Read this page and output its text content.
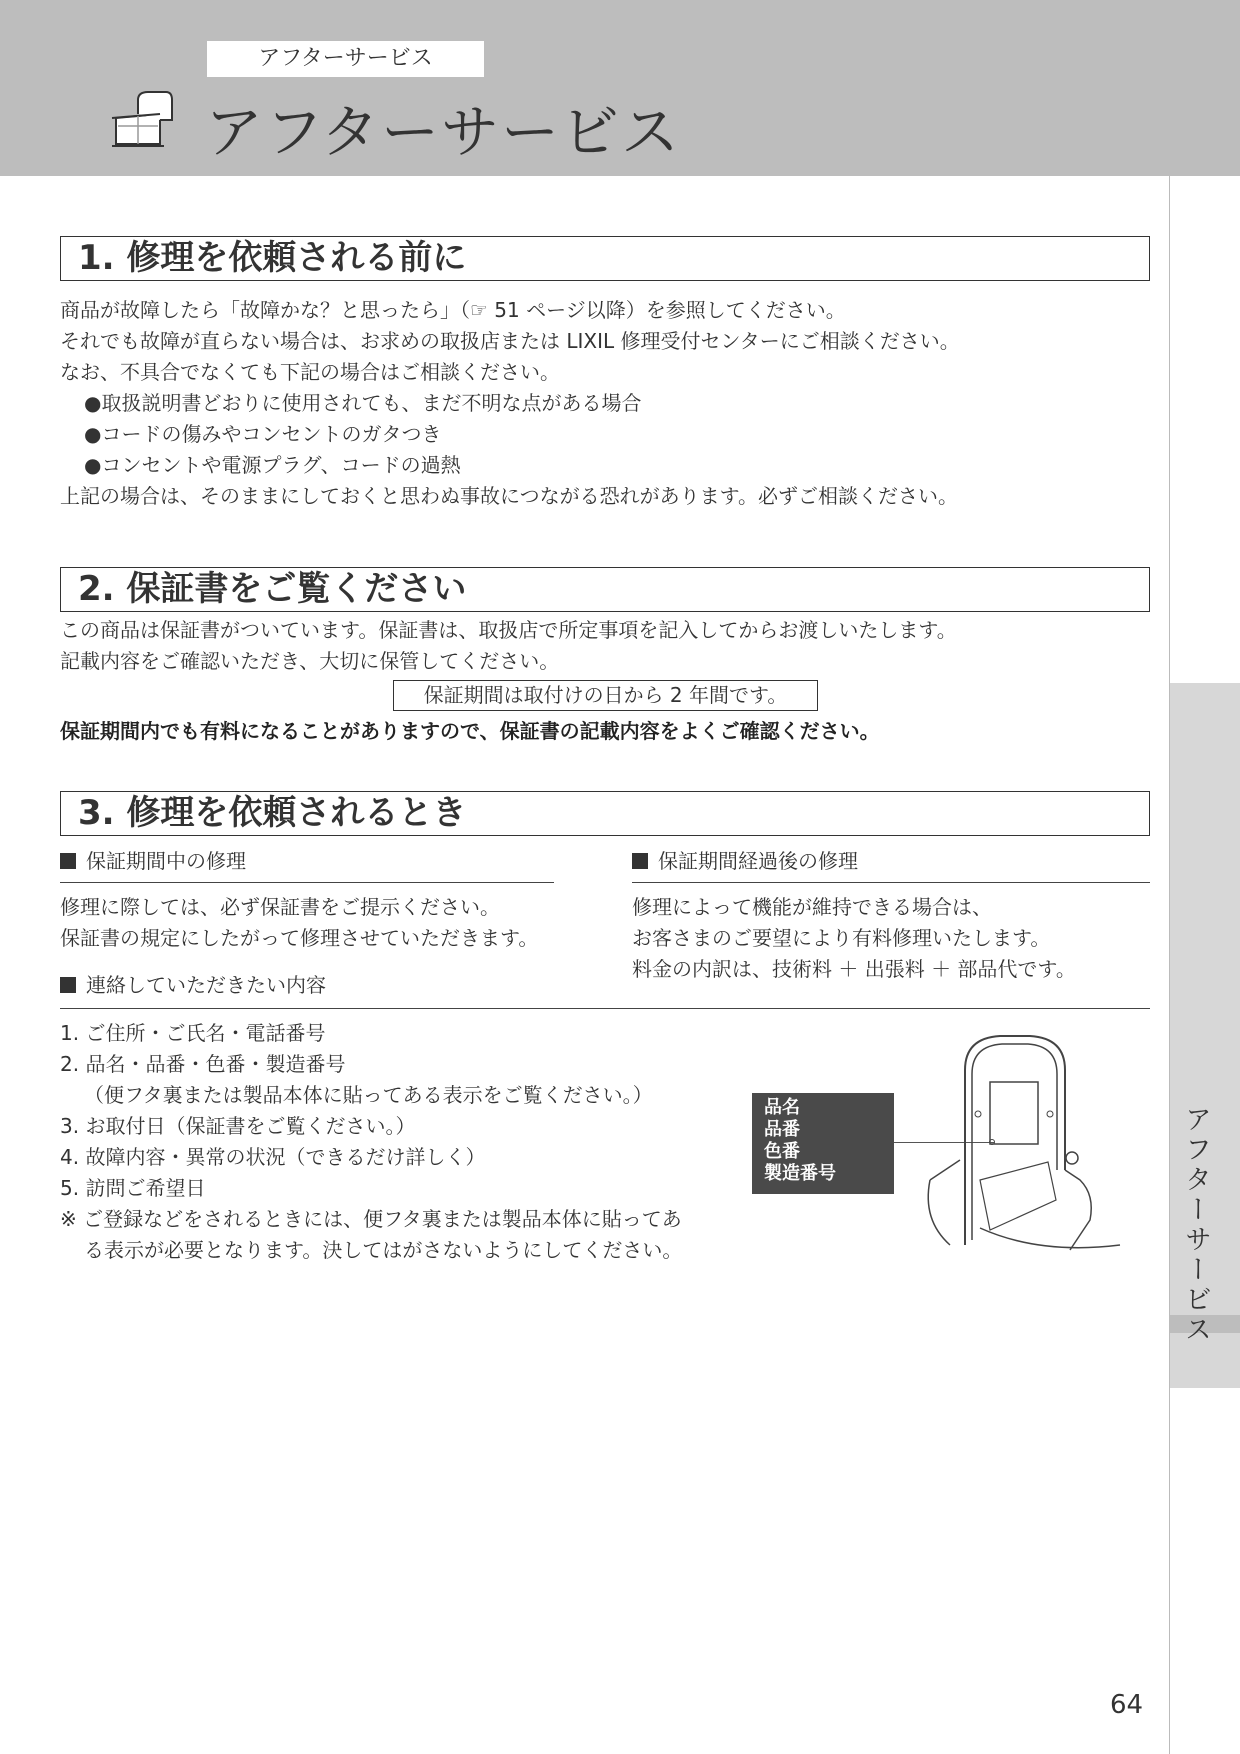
アフターサービス
アフターサービス
アフターサービス
1. 修理を依頼される前に
商品が故障したら「故障かな？と思ったら」（☞ 51 ページ以降）を参照してください。
それでも故障が直らない場合は、お求めの取扱店または LIXIL 修理受付センターにご相談ください。
なお、不具合でなくても下記の場合はご相談ください。
●取扱説明書どおりに使用されても、まだ不明な点がある場合
●コードの傷みやコンセントのガタつき
●コンセントや電源プラグ、コードの過熱
上記の場合は、そのままにしておくと思わぬ事故につながる恐れがあります。必ずご相談ください。
2. 保証書をご覧ください
この商品は保証書がついています。保証書は、取扱店で所定事項を記入してからお渡しいたします。
記載内容をご確認いただき、大切に保管してください。
保証期間は取付けの日から 2 年間です。
保証期間内でも有料になることがありますので、保証書の記載内容をよくご確認ください。
3. 修理を依頼されるとき
保証期間中の修理
修理に際しては、必ず保証書をご提示ください。
保証書の規定にしたがって修理させていただきます。
保証期間経過後の修理
修理によって機能が維持できる場合は、
お客さまのご要望により有料修理いたします。
料金の内訳は、技術料 ＋ 出張料 ＋ 部品代です。
連絡していただきたい内容
1. ご住所・ご氏名・電話番号
2. 品名・品番・色番・製造番号
（便フタ裏または製品本体に貼ってある表示をご覧ください。）
3. お取付日（保証書をご覧ください。）
4. 故障内容・異常の状況（できるだけ詳しく）
5. 訪問ご希望日
※ ご登録などをされるときには、便フタ裏または製品本体に貼ってあ
る表示が必要となります。決してはがさないようにしてください。
品名
品番
色番
製造番号
64
